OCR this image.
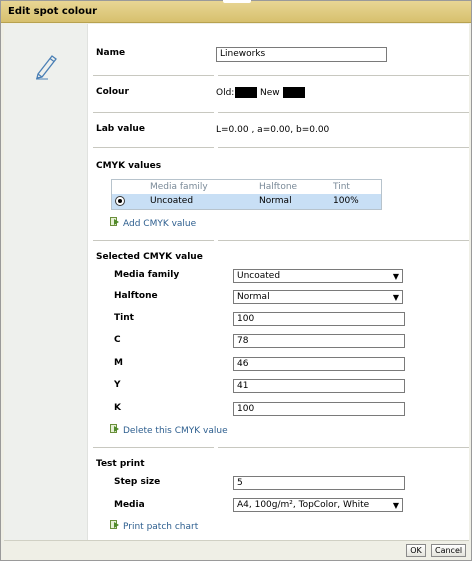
Edit spot colour
Name	Lineworks
Colour	Old:	New
Lab value	L=0.00 , a=0.00, b=0.00
CMYK values
Media family	Halftone	Tint
Uncoated	Normal	100%
Add CMYK value
Selected CMYK value
Media family	Uncoated	▼
Halftone	Normal	▼
Tint	100
C	78
M	46
Y	41
K	100
Delete this CMYK value
Test print
Step size	5
Media	A4, 100g/m², TopColor, White	▼
Print patch chart
OK	Cancel
